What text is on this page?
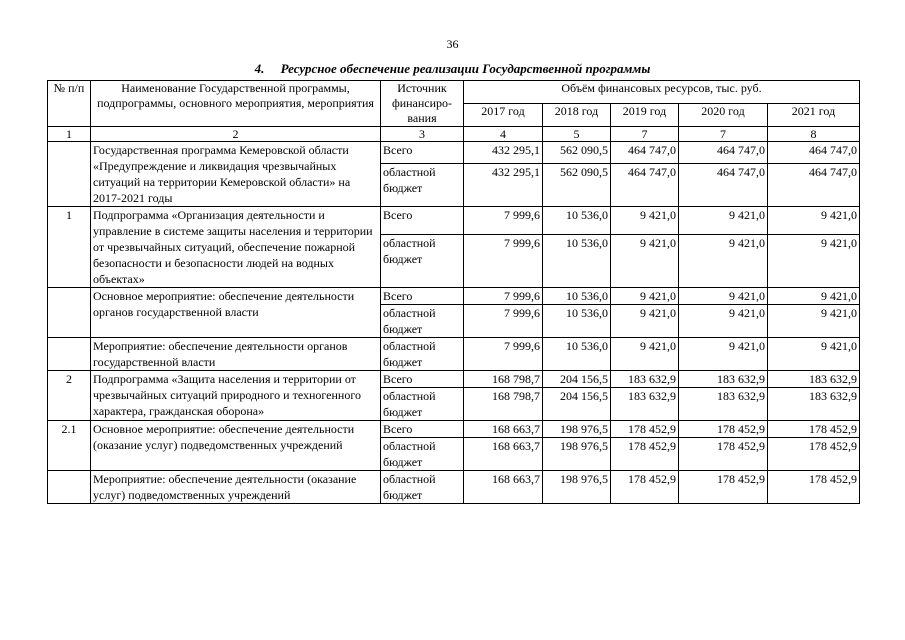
36
4.     Ресурсное обеспечение реализации Государственной программы
№ п/п	Наименование Государственной программы, подпрограммы, основного мероприятия, мероприятия	Источник финансиро-вания	Объём финансовых ресурсов, тыс. руб.				
			2017 год	2018 год	2019 год	2020 год	2021 год
1	2	3	4	5	7	7	8
	Государственная программа Кемеровской области «Предупреждение и ликвидация чрезвычайных ситуаций на территории Кемеровской области» на 2017-2021 годы	Всего	432 295,1	562 090,5	464 747,0	464 747,0	464 747,0
		областной бюджет	432 295,1	562 090,5	464 747,0	464 747,0	464 747,0
1	Подпрограмма «Организация деятельности и управление в системе защиты населения и территории от чрезвычайных ситуаций, обеспечение пожарной безопасности и безопасности людей на водных объектах»	Всего	7 999,6	10 536,0	9 421,0	9 421,0	9 421,0
		областной бюджет	7 999,6	10 536,0	9 421,0	9 421,0	9 421,0
	Основное мероприятие: обеспечение деятельности органов государственной власти	Всего	7 999,6	10 536,0	9 421,0	9 421,0	9 421,0
		областной бюджет	7 999,6	10 536,0	9 421,0	9 421,0	9 421,0
	Мероприятие: обеспечение деятельности органов государственной власти	областной бюджет	7 999,6	10 536,0	9 421,0	9 421,0	9 421,0
2	Подпрограмма «Защита населения и территории от чрезвычайных ситуаций природного и техногенного характера, гражданская оборона»	Всего	168 798,7	204 156,5	183 632,9	183 632,9	183 632,9
		областной бюджет	168 798,7	204 156,5	183 632,9	183 632,9	183 632,9
2.1	Основное мероприятие: обеспечение деятельности (оказание услуг) подведомственных учреждений	Всего	168 663,7	198 976,5	178 452,9	178 452,9	178 452,9
		областной бюджет	168 663,7	198 976,5	178 452,9	178 452,9	178 452,9
	Мероприятие: обеспечение деятельности (оказание услуг) подведомственных учреждений	областной бюджет	168 663,7	198 976,5	178 452,9	178 452,9	178 452,9
